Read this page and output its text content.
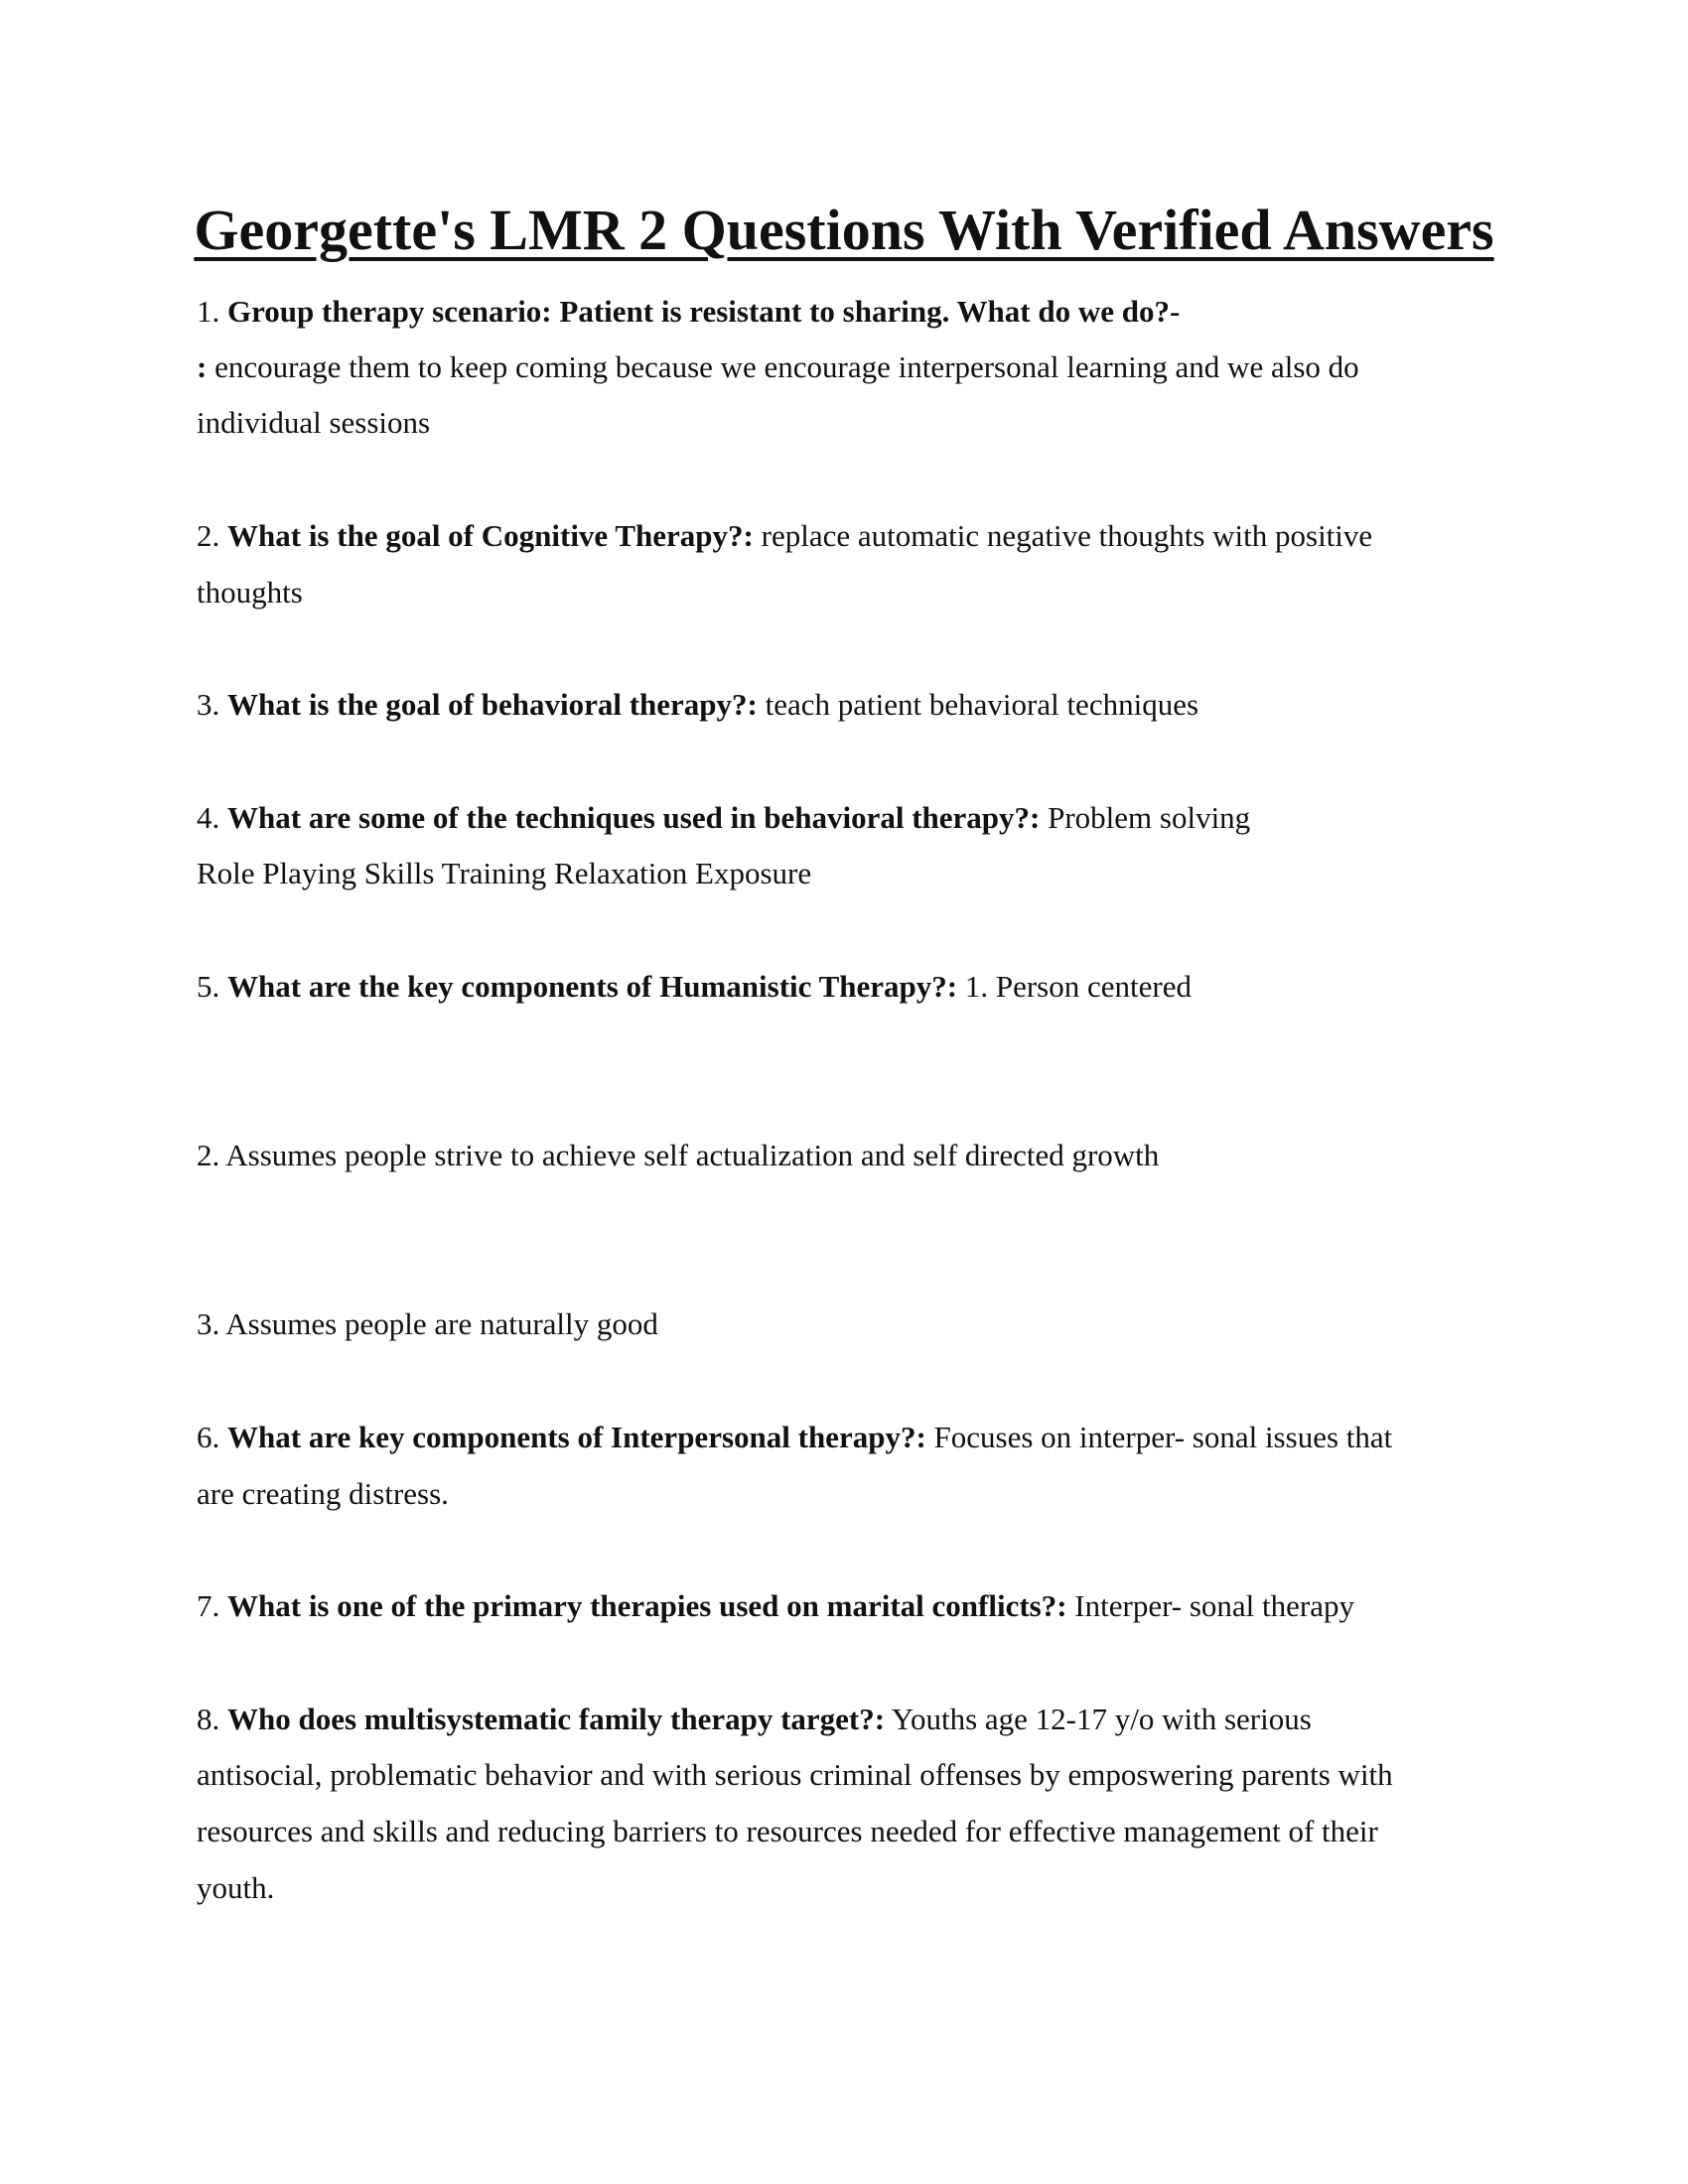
Georgette's LMR 2 Questions With Verified Answers

1. Group therapy scenario: Patient is resistant to sharing. What do we do?-

: encourage them to keep coming because we encourage interpersonal learning and we also do

individual sessions

2. What is the goal of Cognitive Therapy?: replace automatic negative thoughts with positive

thoughts

3. What is the goal of behavioral therapy?: teach patient behavioral techniques

4. What are some of the techniques used in behavioral therapy?: Problem solving

Role Playing Skills Training Relaxation Exposure

5. What are the key components of Humanistic Therapy?: 1. Person centered

2. Assumes people strive to achieve self actualization and self directed growth

3. Assumes people are naturally good

6. What are key components of Interpersonal therapy?: Focuses on interper- sonal issues that

are creating distress.

7. What is one of the primary therapies used on marital conflicts?: Interper- sonal therapy

8. Who does multisystematic family therapy target?: Youths age 12-17 y/o with serious

antisocial, problematic behavior and with serious criminal offenses by emposwering parents with

resources and skills and reducing barriers to resources needed for effective management of their

youth.
